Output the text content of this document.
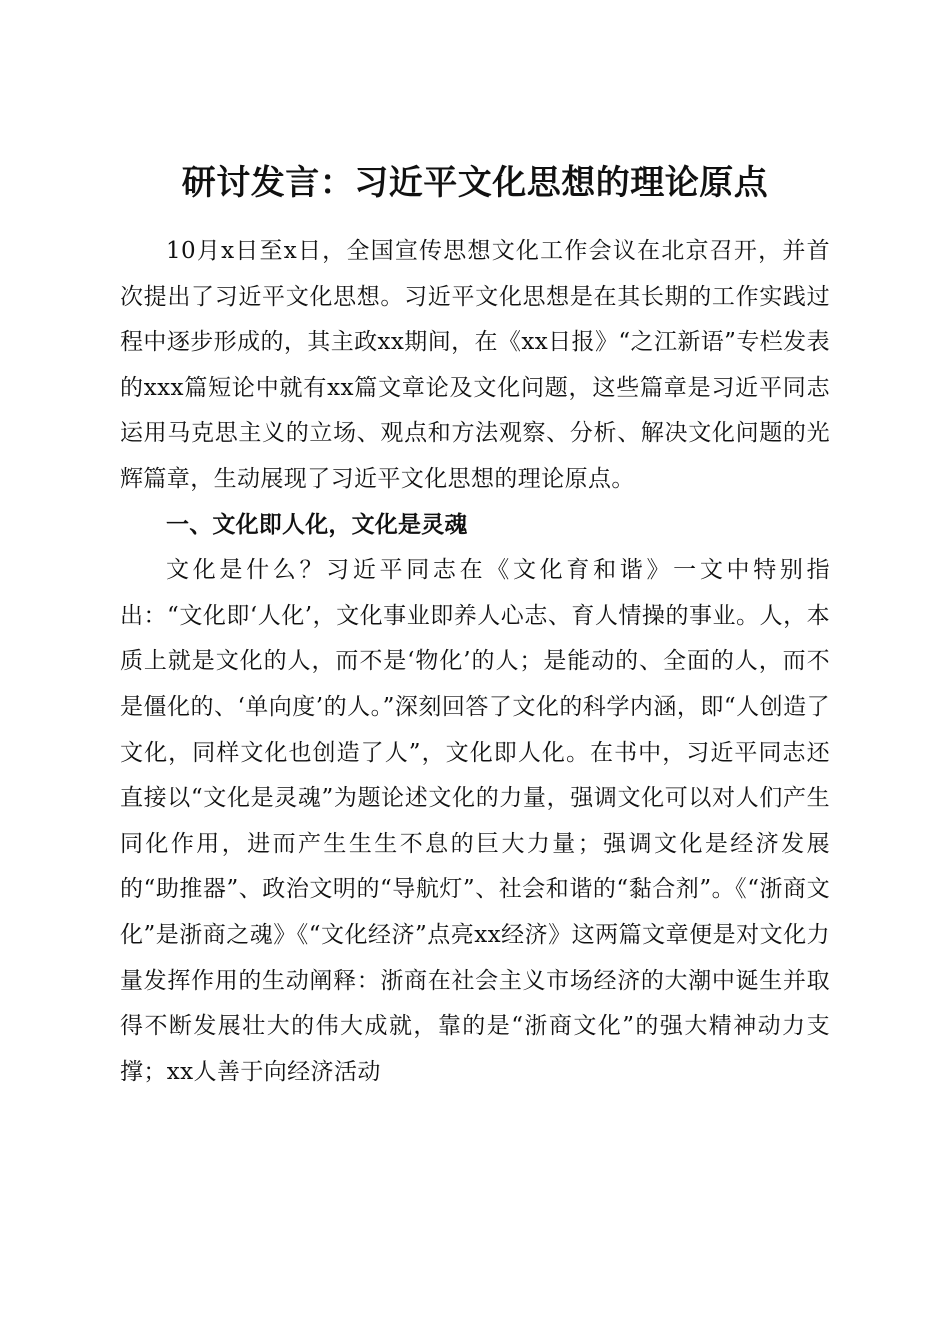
研讨发言：习近平文化思想的理论原点

10月x日至x日，全国宣传思想文化工作会议在北京召开，并首次提出了习近平文化思想。习近平文化思想是在其长期的工作实践过程中逐步形成的，其主政xx期间，在《xx日报》“之江新语”专栏发表的xxx篇短论中就有xx篇文章论及文化问题，这些篇章是习近平同志运用马克思主义的立场、观点和方法观察、分析、解决文化问题的光辉篇章，生动展现了习近平文化思想的理论原点。

一、文化即人化，文化是灵魂

文化是什么？习近平同志在《文化育和谐》一文中特别指出：“文化即‘人化’，文化事业即养人心志、育人情操的事业。人，本质上就是文化的人，而不是‘物化’的人；是能动的、全面的人，而不是僵化的、‘单向度’的人。”深刻回答了文化的科学内涵，即“人创造了文化，同样文化也创造了人”，文化即人化。在书中，习近平同志还直接以“文化是灵魂”为题论述文化的力量，强调文化可以对人们产生同化作用，进而产生生生不息的巨大力量；强调文化是经济发展的“助推器”、政治文明的“导航灯”、社会和谐的“黏合剂”。《“浙商文化”是浙商之魂》《“文化经济”点亮xx经济》这两篇文章便是对文化力量发挥作用的生动阐释：浙商在社会主义市场经济的大潮中诞生并取得不断发展壮大的伟大成就，靠的是“浙商文化”的强大精神动力支撑；xx人善于向经济活动
